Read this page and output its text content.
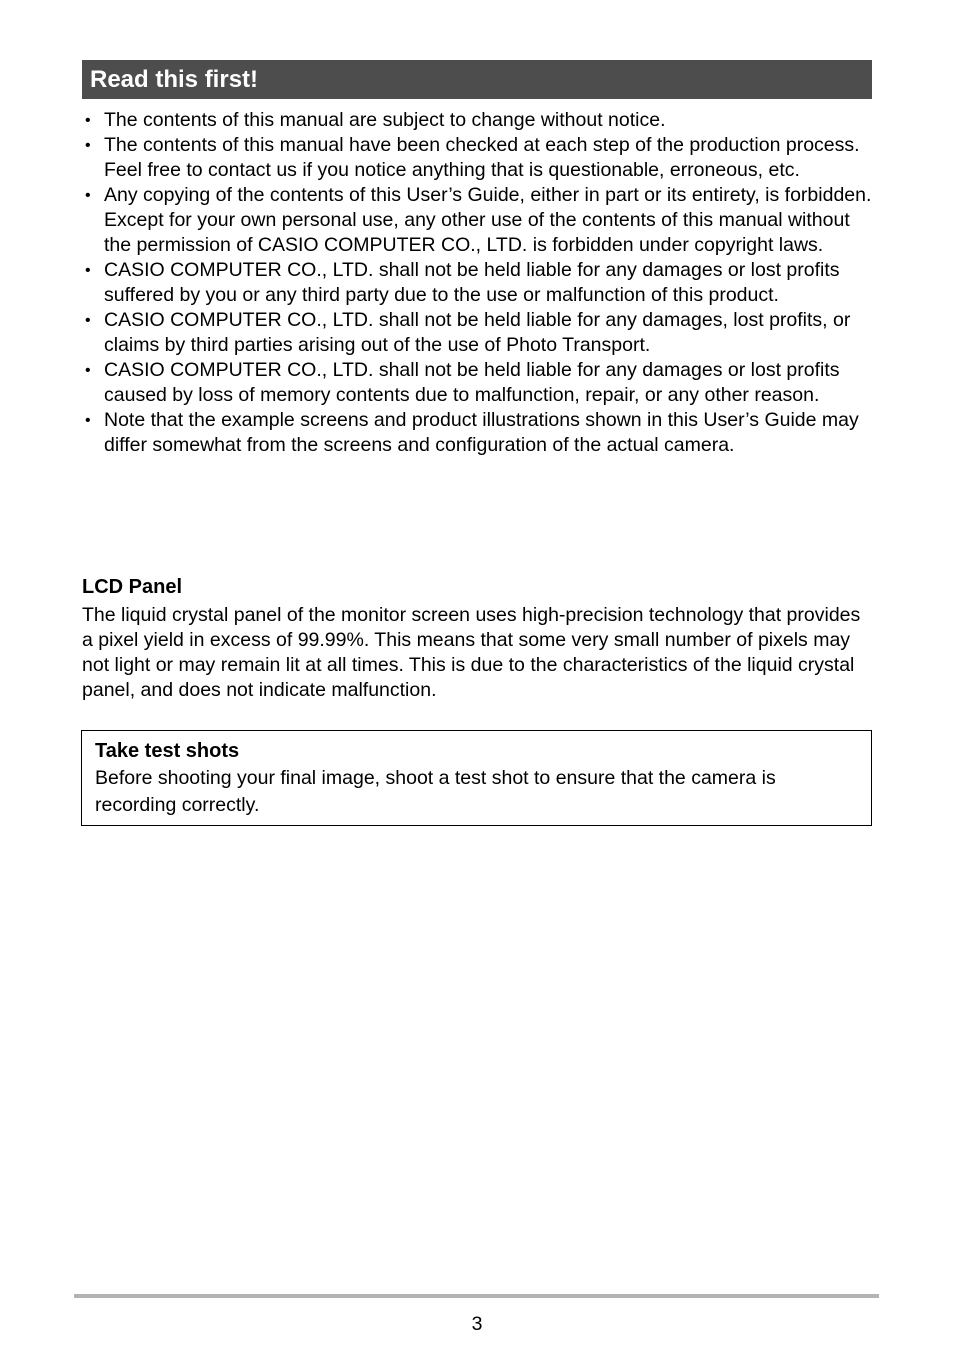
Read this first!
• The contents of this manual are subject to change without notice.
• The contents of this manual have been checked at each step of the production process. Feel free to contact us if you notice anything that is questionable, erroneous, etc.
• Any copying of the contents of this User’s Guide, either in part or its entirety, is forbidden. Except for your own personal use, any other use of the contents of this manual without the permission of CASIO COMPUTER CO., LTD. is forbidden under copyright laws.
• CASIO COMPUTER CO., LTD. shall not be held liable for any damages or lost profits suffered by you or any third party due to the use or malfunction of this product.
• CASIO COMPUTER CO., LTD. shall not be held liable for any damages, lost profits, or claims by third parties arising out of the use of Photo Transport.
• CASIO COMPUTER CO., LTD. shall not be held liable for any damages or lost profits caused by loss of memory contents due to malfunction, repair, or any other reason.
• Note that the example screens and product illustrations shown in this User’s Guide may differ somewhat from the screens and configuration of the actual camera.
LCD Panel
The liquid crystal panel of the monitor screen uses high-precision technology that provides a pixel yield in excess of 99.99%. This means that some very small number of pixels may not light or may remain lit at all times. This is due to the characteristics of the liquid crystal panel, and does not indicate malfunction.
Take test shots
Before shooting your final image, shoot a test shot to ensure that the camera is recording correctly.
3
